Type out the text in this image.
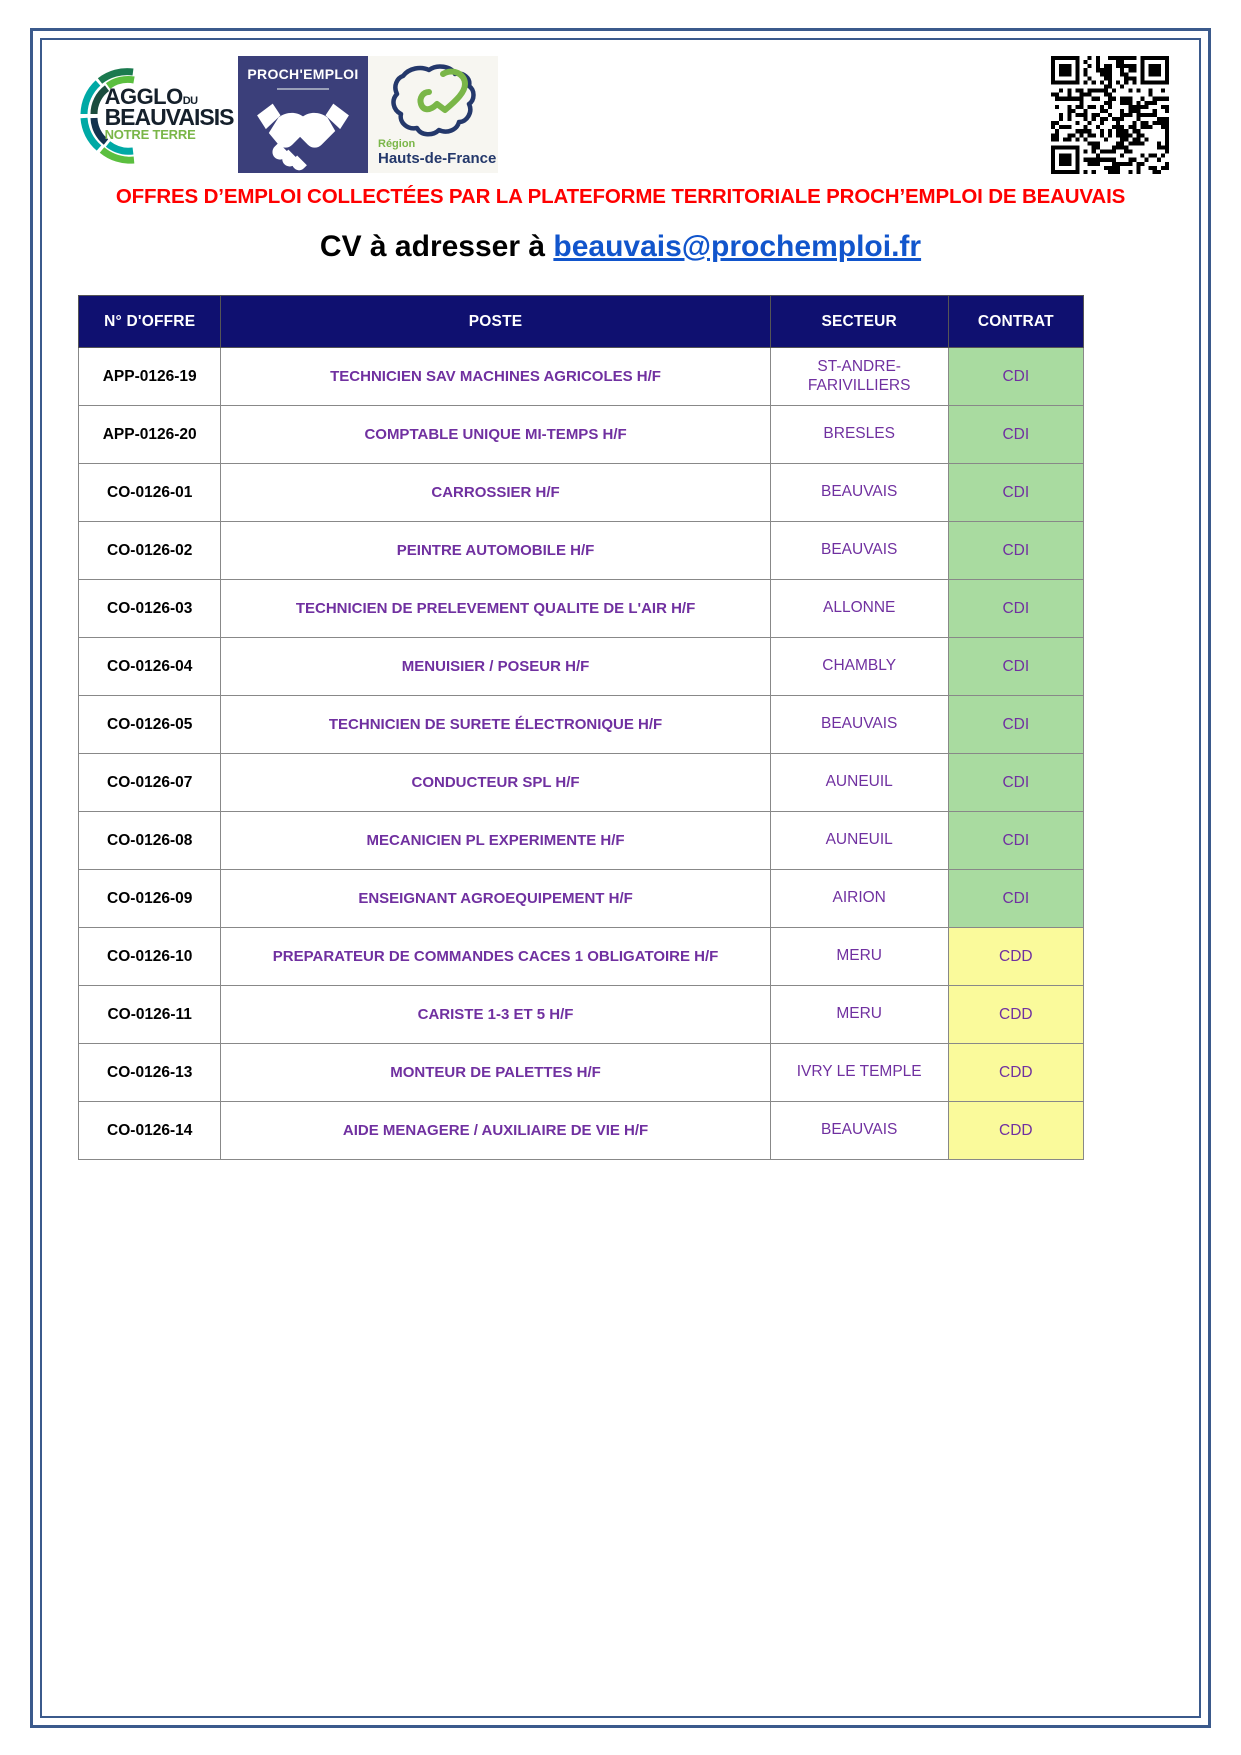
AGGLODU
BEAUVAISIS
NOTRE TERRE
PROCH'EMPLOI
Région
Hauts-de-France
OFFRES D’EMPLOI COLLECTÉES PAR LA PLATEFORME TERRITORIALE PROCH’EMPLOI DE BEAUVAIS
CV à adresser à beauvais@prochemploi.fr
N° D'OFFRE	POSTE	SECTEUR	CONTRAT
APP-0126-19	TECHNICIEN SAV MACHINES AGRICOLES H/F	ST-ANDRE-FARIVILLIERS	CDI
APP-0126-20	COMPTABLE UNIQUE MI-TEMPS H/F	BRESLES	CDI
CO-0126-01	CARROSSIER H/F	BEAUVAIS	CDI
CO-0126-02	PEINTRE AUTOMOBILE H/F	BEAUVAIS	CDI
CO-0126-03	TECHNICIEN DE PRELEVEMENT QUALITE DE L'AIR H/F	ALLONNE	CDI
CO-0126-04	MENUISIER / POSEUR H/F	CHAMBLY	CDI
CO-0126-05	TECHNICIEN DE SURETE ÉLECTRONIQUE H/F	BEAUVAIS	CDI
CO-0126-07	CONDUCTEUR SPL H/F	AUNEUIL	CDI
CO-0126-08	MECANICIEN PL EXPERIMENTE H/F	AUNEUIL	CDI
CO-0126-09	ENSEIGNANT AGROEQUIPEMENT H/F	AIRION	CDI
CO-0126-10	PREPARATEUR DE COMMANDES CACES 1 OBLIGATOIRE H/F	MERU	CDD
CO-0126-11	CARISTE 1-3 ET 5 H/F	MERU	CDD
CO-0126-13	MONTEUR DE PALETTES H/F	IVRY LE TEMPLE	CDD
CO-0126-14	AIDE MENAGERE / AUXILIAIRE DE VIE H/F	BEAUVAIS	CDD
